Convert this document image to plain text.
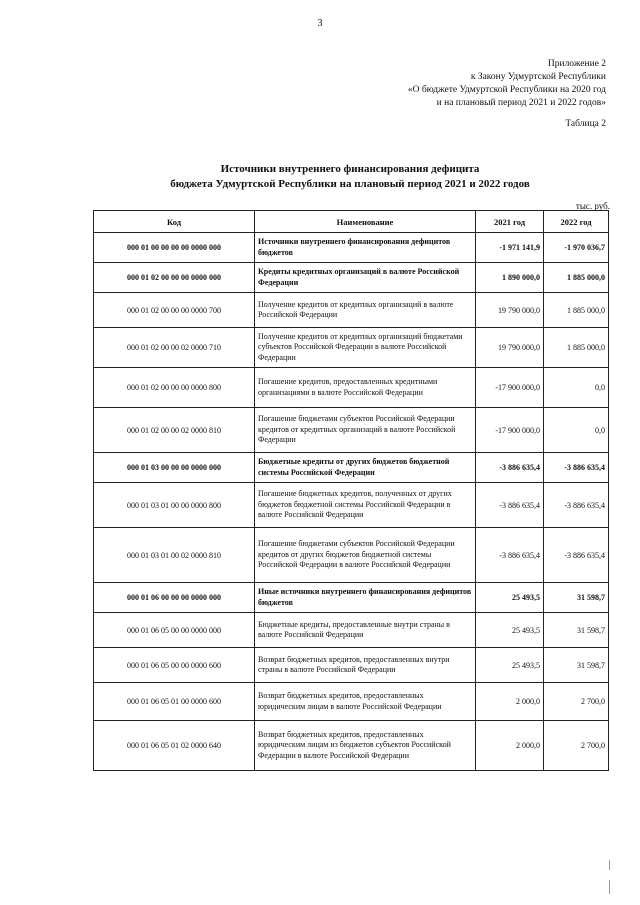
3
Приложение 2
к Закону Удмуртской Республики
«О бюджете Удмуртской Республики на 2020 год
и на плановый период 2021 и 2022 годов»
Таблица 2
Источники внутреннего финансирования дефицита
бюджета Удмуртской Республики на плановый период 2021 и 2022 годов
тыс. руб.
Код	Наименование	2021 год	2022 год
000 01 00 00 00 00 0000 000	Источники внутреннего финансирования дефицитов бюджетов	-1 971 141,9	-1 970 036,7
000 01 02 00 00 00 0000 000	Кредиты кредитных организаций в валюте Российской Федерации	1 890 000,0	1 885 000,0
000 01 02 00 00 00 0000 700	Получение кредитов от кредитных организаций в валюте Российской Федерации	19 790 000,0	1 885 000,0
000 01 02 00 00 02 0000 710	Получение кредитов от кредитных организаций бюджетами субъектов Российской Федерации в валюте Российской Федерации	19 790 000,0	1 885 000,0
000 01 02 00 00 00 0000 800	Погашение кредитов, предоставленных кредитными организациями в валюте Российской Федерации	-17 900 000,0	0,0
000 01 02 00 00 02 0000 810	Погашение бюджетами субъектов Российской Федерации кредитов от кредитных организаций в валюте Российской Федерации	-17 900 000,0	0,0
000 01 03 00 00 00 0000 000	Бюджетные кредиты от других бюджетов бюджетной системы Российской Федерации	-3 886 635,4	-3 886 635,4
000 01 03 01 00 00 0000 800	Погашение бюджетных кредитов, полученных от других бюджетов бюджетной системы Российской Федерации в валюте Российской Федерации	-3 886 635,4	-3 886 635,4
000 01 03 01 00 02 0000 810	Погашение бюджетами субъектов Российской Федерации кредитов от других бюджетов бюджетной системы Российской Федерации в валюте Российской Федерации	-3 886 635,4	-3 886 635,4
000 01 06 00 00 00 0000 000	Иные источники внутреннего финансирования дефицитов бюджетов	25 493,5	31 598,7
000 01 06 05 00 00 0000 000	Бюджетные кредиты, предоставленные внутри страны в валюте Российской Федерации	25 493,5	31 598,7
000 01 06 05 00 00 0000 600	Возврат бюджетных кредитов, предоставленных внутри страны в валюте Российской Федерации	25 493,5	31 598,7
000 01 06 05 01 00 0000 600	Возврат бюджетных кредитов, предоставленных юридическим лицам в валюте Российской Федерации	2 000,0	2 700,0
000 01 06 05 01 02 0000 640	Возврат бюджетных кредитов, предоставленных юридическим лицам из бюджетов субъектов Российской Федерации в валюте Российской Федерации	2 000,0	2 700,0
